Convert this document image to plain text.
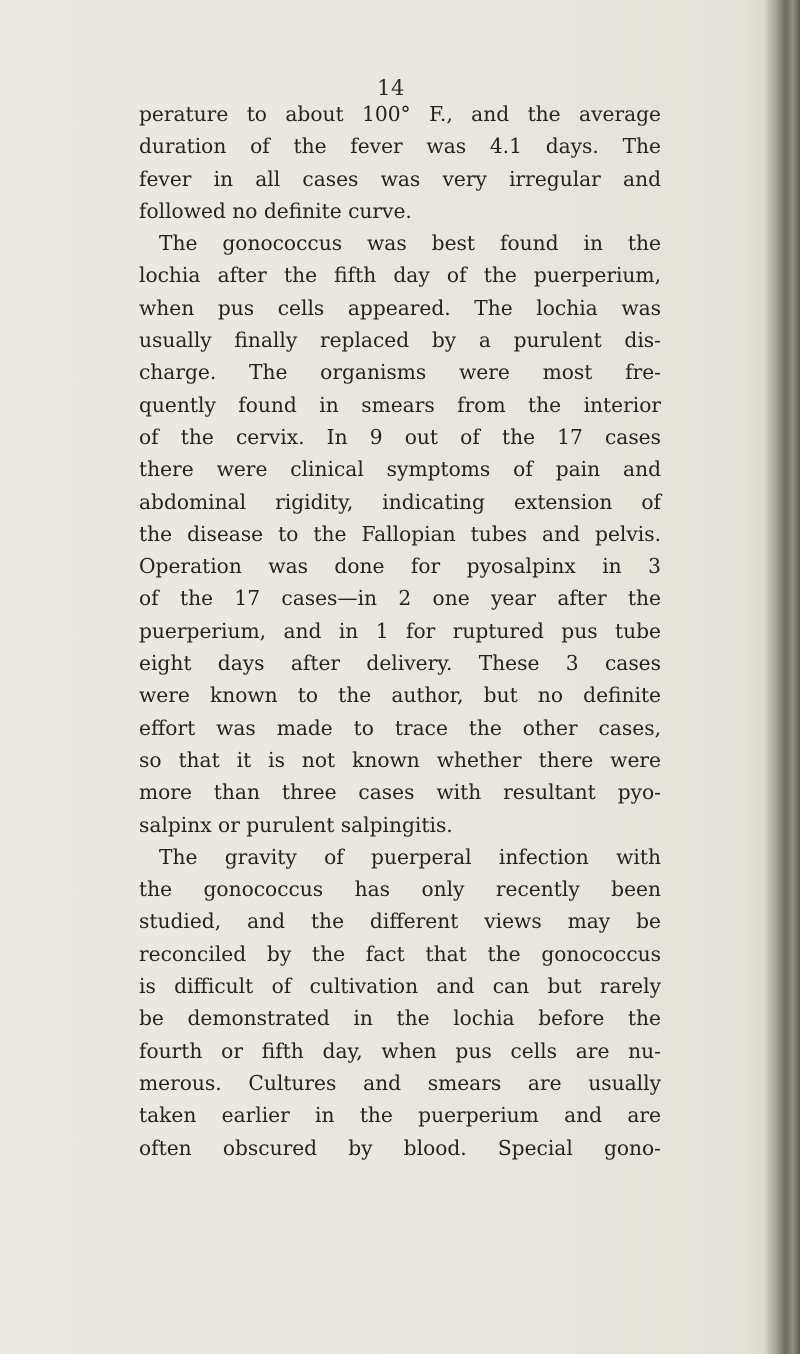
14
perature to about 100° F., and the average
duration of the fever was 4.1 days. The
fever in all cases was very irregular and
followed no definite curve.
The gonococcus was best found in the
lochia after the fifth day of the puerperium,
when pus cells appeared. The lochia was
usually finally replaced by a purulent dis-
charge. The organisms were most fre-
quently found in smears from the interior
of the cervix. In 9 out of the 17 cases
there were clinical symptoms of pain and
abdominal rigidity, indicating extension of
the disease to the Fallopian tubes and pelvis.
Operation was done for pyosalpinx in 3
of the 17 cases—in 2 one year after the
puerperium, and in 1 for ruptured pus tube
eight days after delivery. These 3 cases
were known to the author, but no definite
effort was made to trace the other cases,
so that it is not known whether there were
more than three cases with resultant pyo-
salpinx or purulent salpingitis.
The gravity of puerperal infection with
the gonococcus has only recently been
studied, and the different views may be
reconciled by the fact that the gonococcus
is difficult of cultivation and can but rarely
be demonstrated in the lochia before the
fourth or fifth day, when pus cells are nu-
merous. Cultures and smears are usually
taken earlier in the puerperium and are
often obscured by blood. Special gono-
